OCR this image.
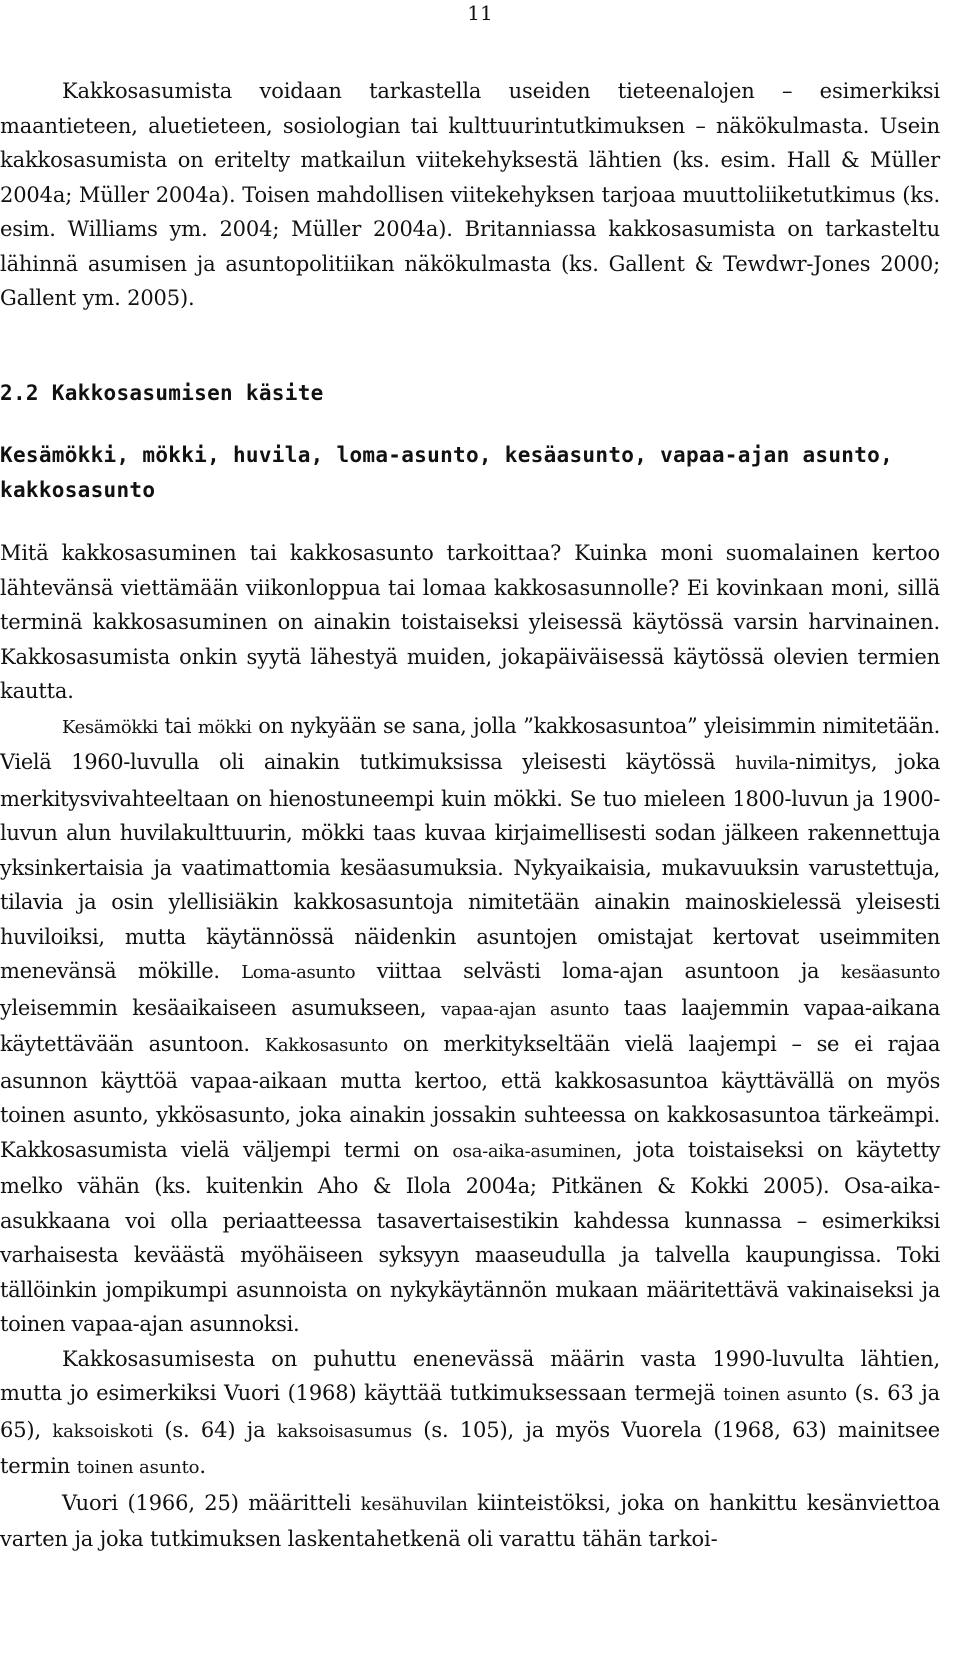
11

Kakkosasumista voidaan tarkastella useiden tieteenalojen – esimerkiksi maantieteen, aluetieteen, sosiologian tai kulttuurintutkimuksen – näkökulmasta. Usein kakkosasumista on eritelty matkailun viitekehyksestä lähtien (ks. esim. Hall & Müller 2004a; Müller 2004a). Toisen mahdollisen viitekehyksen tarjoaa muuttoliiketutkimus (ks. esim. Williams ym. 2004; Müller 2004a). Britanniassa kakkosasumista on tarkasteltu lähinnä asumisen ja asuntopolitiikan näkökulmasta (ks. Gallent & Tewdwr-Jones 2000; Gallent ym. 2005).

2.2 Kakkosasumisen käsite
Kesämökki, mökki, huvila, loma-asunto, kesäasunto, vapaa-ajan asunto, kakkosasunto

Mitä kakkosasuminen tai kakkosasunto tarkoittaa? Kuinka moni suomalainen kertoo lähtevänsä viettämään viikonloppua tai lomaa kakkosasunnolle? Ei kovinkaan moni, sillä terminä kakkosasuminen on ainakin toistaiseksi yleisessä käytössä varsin harvinainen. Kakkosasumista onkin syytä lähestyä muiden, jokapäiväisessä käytössä olevien termien kautta.

Kesämökki tai mökki on nykyään se sana, jolla ”kakkosasuntoa” yleisimmin nimitetään. Vielä 1960-luvulla oli ainakin tutkimuksissa yleisesti käytössä huvila-nimitys, joka merkitysvivahteeltaan on hienostuneempi kuin mökki. Se tuo mieleen 1800-luvun ja 1900-luvun alun huvilakulttuurin, mökki taas kuvaa kirjaimellisesti sodan jälkeen rakennettuja yksinkertaisia ja vaatimattomia kesäasumuksia. Nykyaikaisia, mukavuuksin varustettuja, tilavia ja osin ylellisiäkin kakkosasuntoja nimitetään ainakin mainoskielessä yleisesti huviloiksi, mutta käytännössä näidenkin asuntojen omistajat kertovat useimmiten menevänsä mökille. Loma-asunto viittaa selvästi loma-ajan asuntoon ja kesäasunto yleisemmin kesäaikaiseen asumukseen, vapaa-ajan asunto taas laajemmin vapaa-aikana käytettävään asuntoon. Kakkosasunto on merkitykseltään vielä laajempi – se ei rajaa asunnon käyttöä vapaa-aikaan mutta kertoo, että kakkosasuntoa käyttävällä on myös toinen asunto, ykkösasunto, joka ainakin jossakin suhteessa on kakkosasuntoa tärkeämpi. Kakkosasumista vielä väljempi termi on osa-aika-asuminen, jota toistaiseksi on käytetty melko vähän (ks. kuitenkin Aho & Ilola 2004a; Pitkänen & Kokki 2005). Osa-aika-asukkaana voi olla periaatteessa tasavertaisestikin kahdessa kunnassa – esimerkiksi varhaisesta keväästä myöhäiseen syksyyn maaseudulla ja talvella kaupungissa. Toki tällöinkin jompikumpi asunnoista on nykykäytännön mukaan määritettävä vakinaiseksi ja toinen vapaa-ajan asunnoksi.

Kakkosasumisesta on puhuttu enenevässä määrin vasta 1990-luvulta lähtien, mutta jo esimerkiksi Vuori (1968) käyttää tutkimuksessaan termejä toinen asunto (s. 63 ja 65), kaksoiskoti (s. 64) ja kaksoisasumus (s. 105), ja myös Vuorela (1968, 63) mainitsee termin toinen asunto.

Vuori (1966, 25) määritteli kesähuvilan kiinteistöksi, joka on hankittu kesänviettoa varten ja joka tutkimuksen laskentahetkenä oli varattu tähän tarkoi-
